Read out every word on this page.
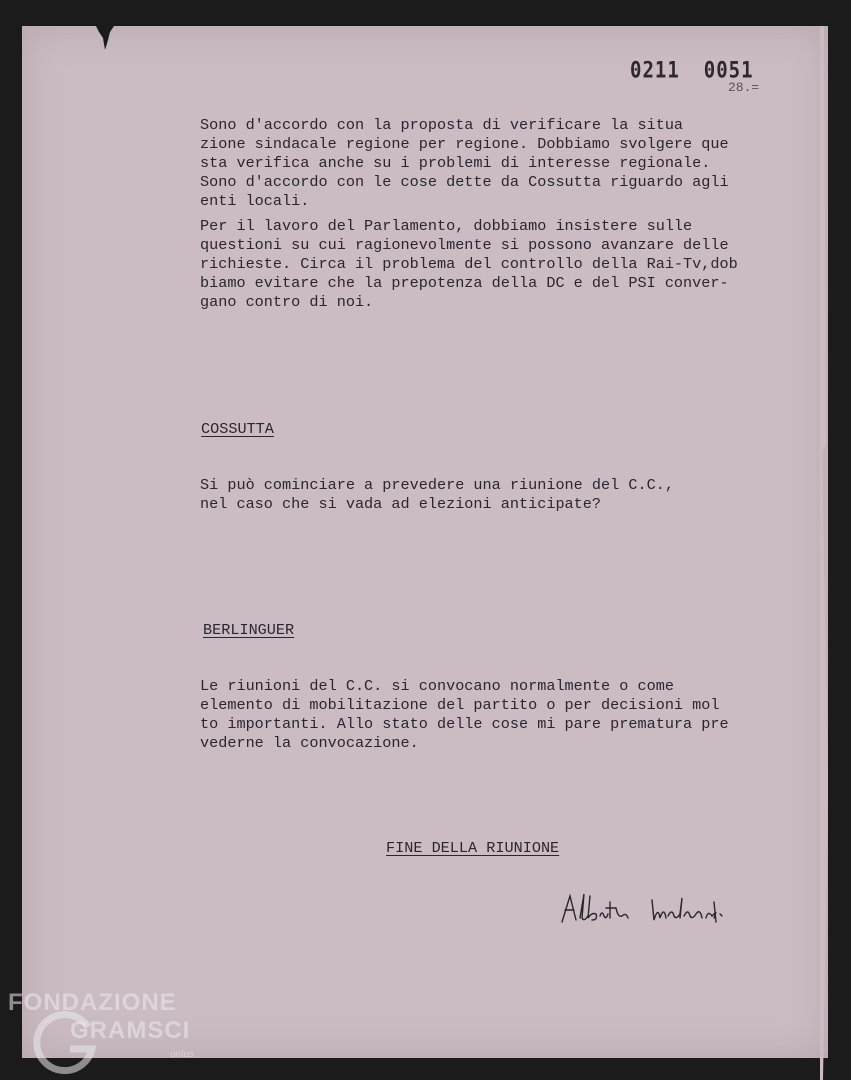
0211 0051
28.=

Sono d'accordo con la proposta di verificare la situa
zione sindacale regione per regione. Dobbiamo svolgere que
sta verifica anche su i problemi di interesse regionale.
Sono d'accordo con le cose dette da Cossutta riguardo agli
enti locali.

Per il lavoro del Parlamento, dobbiamo insistere sulle
questioni su cui ragionevolmente si possono avanzare delle
richieste. Circa il problema del controllo della Rai-Tv,dob
biamo evitare che la prepotenza della DC e del PSI conver-
gano contro di noi.

COSSUTTA

Si può cominciare a prevedere una riunione del C.C.,
nel caso che si vada ad elezioni anticipate?

BERLINGUER

Le riunioni del C.C. si convocano normalmente o come
elemento di mobilitazione del partito o per decisioni mol
to importanti. Allo stato delle cose mi pare prematura pre
vederne la convocazione.

FINE DELLA RIUNIONE
FONDAZIONE
GRAMSCI
onlus
